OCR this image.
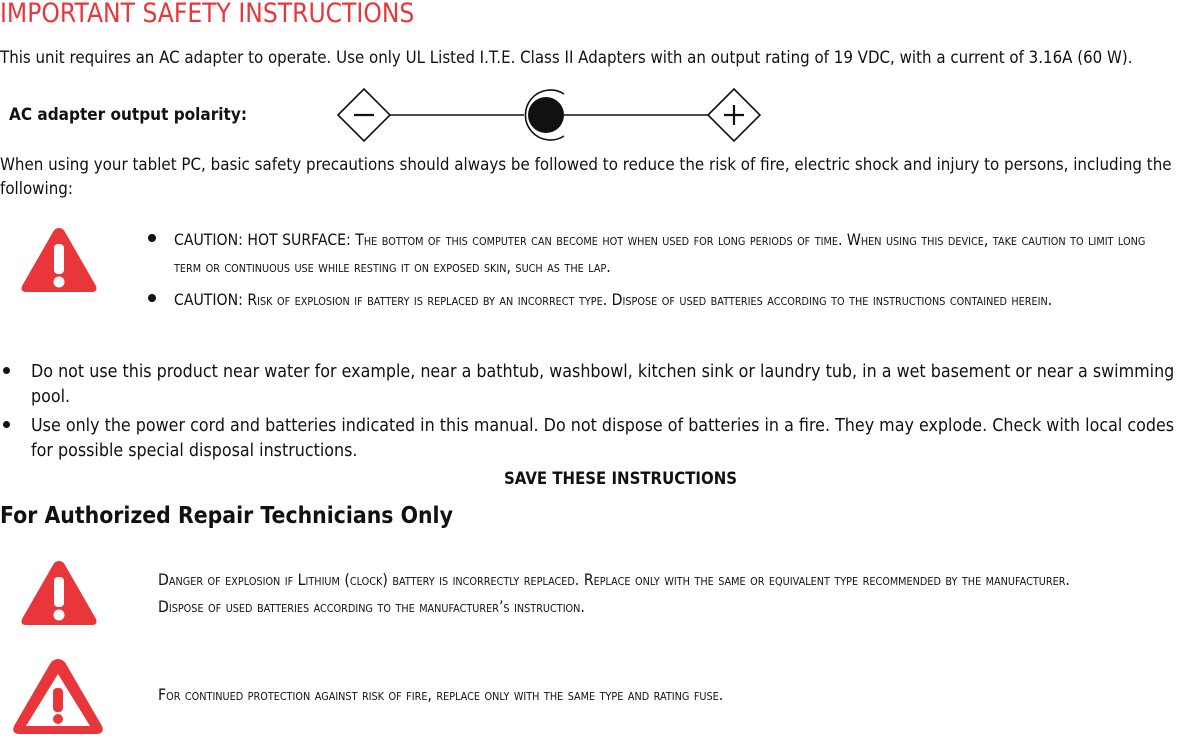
IMPORTANT SAFETY INSTRUCTIONS
This unit requires an AC adapter to operate. Use only UL Listed I.T.E. Class II Adapters with an output rating of 19 VDC, with a current of 3.16A (60 W).
AC adapter output polarity:
When using your tablet PC, basic safety precautions should always be followed to reduce the risk of fire, electric shock and injury to persons, including the following:
CAUTION: HOT SURFACE: The bottom of this computer can become hot when used for long periods of time. When using this device, take caution to limit long term or continuous use while resting it on exposed skin, such as the lap.
CAUTION: Risk of explosion if battery is replaced by an incorrect type. Dispose of used batteries according to the instructions contained herein.
Do not use this product near water for example, near a bathtub, washbowl, kitchen sink or laundry tub, in a wet basement or near a swimming pool.
Use only the power cord and batteries indicated in this manual. Do not dispose of batteries in a fire. They may explode. Check with local codes for possible special disposal instructions.
SAVE THESE INSTRUCTIONS
For Authorized Repair Technicians Only
Danger of explosion if Lithium (clock) battery is incorrectly replaced. Replace only with the same or equivalent type recommended by the manufacturer. Dispose of used batteries according to the manufacturer’s instruction.
For continued protection against risk of fire, replace only with the same type and rating fuse.
